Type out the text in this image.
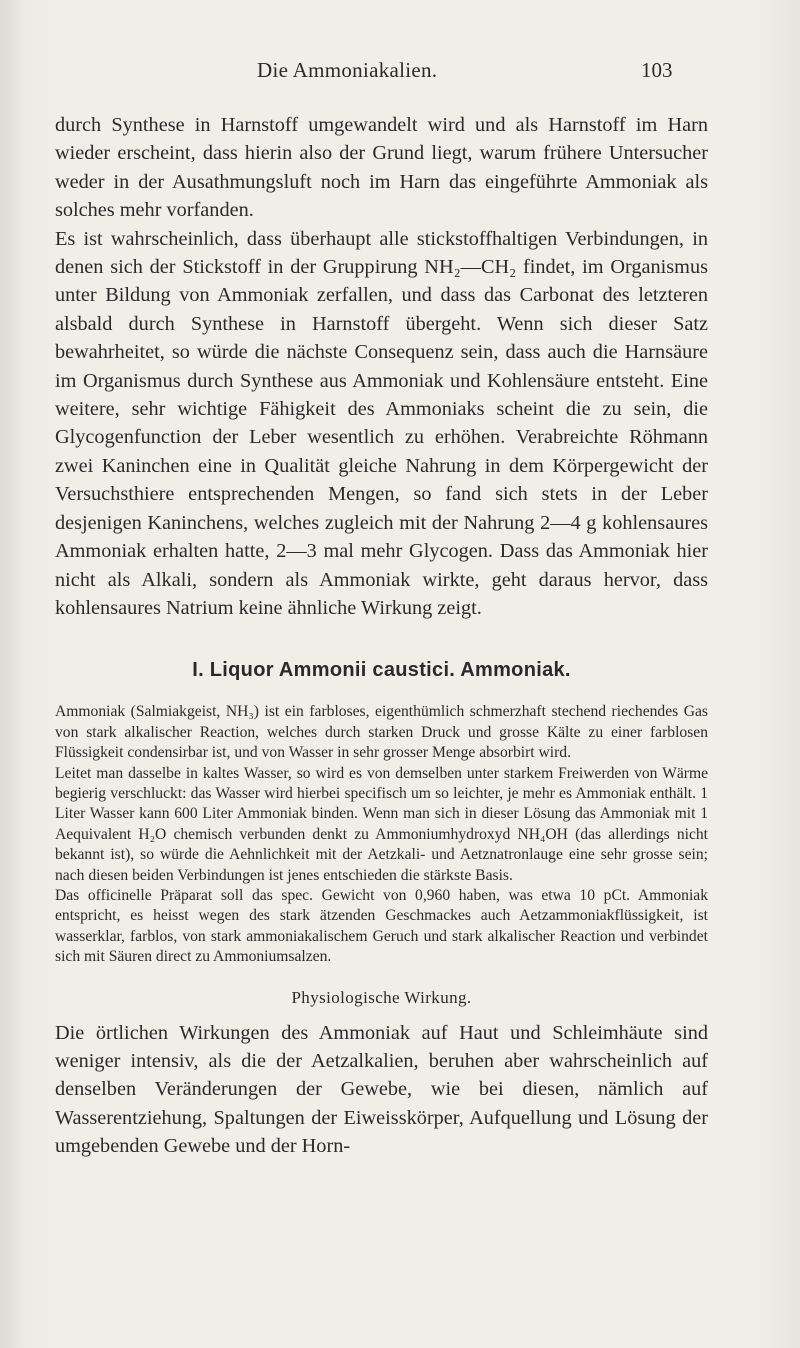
Die Ammoniakalien.	103

durch Synthese in Harnstoff umgewandelt wird und als Harnstoff im Harn wieder erscheint, dass hierin also der Grund liegt, warum frühere Untersucher weder in der Ausathmungsluft noch im Harn das eingeführte Ammoniak als solches mehr vorfanden.

Es ist wahrscheinlich, dass überhaupt alle stickstoffhaltigen Verbindungen, in denen sich der Stickstoff in der Gruppirung NH₂—CH₂ findet, im Organismus unter Bildung von Ammoniak zerfallen, und dass das Carbonat des letzteren alsbald durch Synthese in Harnstoff übergeht. Wenn sich dieser Satz bewahrheitet, so würde die nächste Consequenz sein, dass auch die Harnsäure im Organismus durch Synthese aus Ammoniak und Kohlensäure entsteht. Eine weitere, sehr wichtige Fähigkeit des Ammoniaks scheint die zu sein, die Glycogenfunction der Leber wesentlich zu erhöhen. Verabreichte Röhmann zwei Kaninchen eine in Qualität gleiche Nahrung in dem Körpergewicht der Versuchsthiere entsprechenden Mengen, so fand sich stets in der Leber desjenigen Kaninchens, welches zugleich mit der Nahrung 2—4 g kohlensaures Ammoniak erhalten hatte, 2—3 mal mehr Glycogen. Dass das Ammoniak hier nicht als Alkali, sondern als Ammoniak wirkte, geht daraus hervor, dass kohlensaures Natrium keine ähnliche Wirkung zeigt.

I. Liquor Ammonii caustici. Ammoniak.

Ammoniak (Salmiakgeist, NH₃) ist ein farbloses, eigenthümlich schmerzhaft stechend riechendes Gas von stark alkalischer Reaction, welches durch starken Druck und grosse Kälte zu einer farblosen Flüssigkeit condensirbar ist, und von Wasser in sehr grosser Menge absorbirt wird.

Leitet man dasselbe in kaltes Wasser, so wird es von demselben unter starkem Freiwerden von Wärme begierig verschluckt: das Wasser wird hierbei specifisch um so leichter, je mehr es Ammoniak enthält. 1 Liter Wasser kann 600 Liter Ammoniak binden. Wenn man sich in dieser Lösung das Ammoniak mit 1 Aequivalent H₂O chemisch verbunden denkt zu Ammoniumhydroxyd NH₄OH (das allerdings nicht bekannt ist), so würde die Aehnlichkeit mit der Aetzkali- und Aetznatronlauge eine sehr grosse sein; nach diesen beiden Verbindungen ist jenes entschieden die stärkste Basis.

Das officinelle Präparat soll das spec. Gewicht von 0,960 haben, was etwa 10 pCt. Ammoniak entspricht, es heisst wegen des stark ätzenden Geschmackes auch Aetzammoniakflüssigkeit, ist wasserklar, farblos, von stark ammoniakalischem Geruch und stark alkalischer Reaction und verbindet sich mit Säuren direct zu Ammoniumsalzen.

Physiologische Wirkung.

Die örtlichen Wirkungen des Ammoniak auf Haut und Schleimhäute sind weniger intensiv, als die der Aetzalkalien, beruhen aber wahrscheinlich auf denselben Veränderungen der Gewebe, wie bei diesen, nämlich auf Wasserentziehung, Spaltungen der Eiweisskörper, Aufquellung und Lösung der umgebenden Gewebe und der Horn-
